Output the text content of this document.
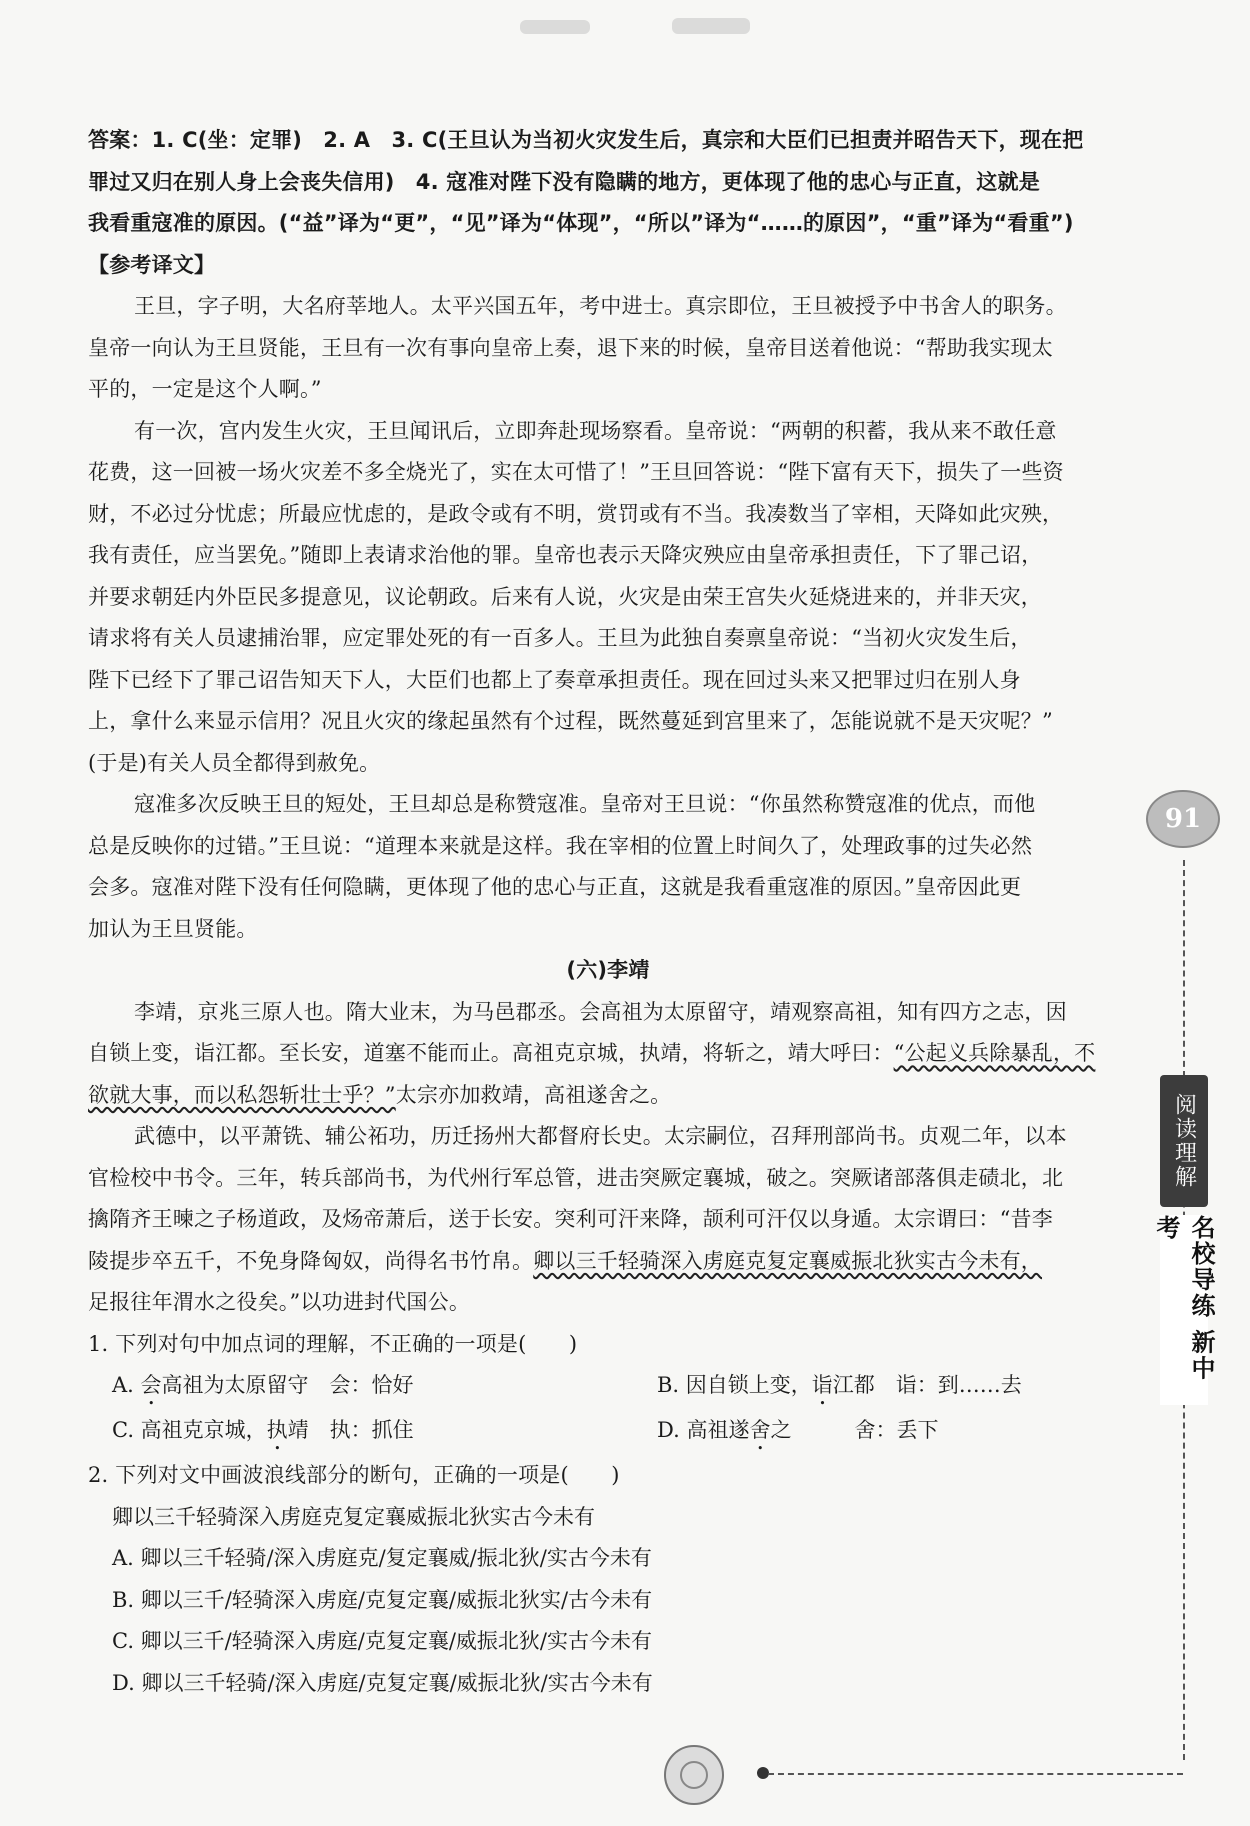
答案：1. C(坐：定罪)　2. A　3. C(王旦认为当初火灾发生后，真宗和大臣们已担责并昭告天下，现在把
罪过又归在别人身上会丧失信用)　4. 寇准对陛下没有隐瞒的地方，更体现了他的忠心与正直，这就是
我看重寇准的原因。(“益”译为“更”，“见”译为“体现”，“所以”译为“……的原因”，“重”译为“看重”)
【参考译文】
王旦，字子明，大名府莘地人。太平兴国五年，考中进士。真宗即位，王旦被授予中书舍人的职务。
皇帝一向认为王旦贤能，王旦有一次有事向皇帝上奏，退下来的时候，皇帝目送着他说：“帮助我实现太
平的，一定是这个人啊。”
有一次，宫内发生火灾，王旦闻讯后，立即奔赴现场察看。皇帝说：“两朝的积蓄，我从来不敢任意
花费，这一回被一场火灾差不多全烧光了，实在太可惜了！”王旦回答说：“陛下富有天下，损失了一些资
财，不必过分忧虑；所最应忧虑的，是政令或有不明，赏罚或有不当。我凑数当了宰相，天降如此灾殃，
我有责任，应当罢免。”随即上表请求治他的罪。皇帝也表示天降灾殃应由皇帝承担责任，下了罪己诏，
并要求朝廷内外臣民多提意见，议论朝政。后来有人说，火灾是由荣王宫失火延烧进来的，并非天灾，
请求将有关人员逮捕治罪，应定罪处死的有一百多人。王旦为此独自奏禀皇帝说：“当初火灾发生后，
陛下已经下了罪己诏告知天下人，大臣们也都上了奏章承担责任。现在回过头来又把罪过归在别人身
上，拿什么来显示信用？况且火灾的缘起虽然有个过程，既然蔓延到宫里来了，怎能说就不是天灾呢？”
(于是)有关人员全都得到赦免。
寇准多次反映王旦的短处，王旦却总是称赞寇准。皇帝对王旦说：“你虽然称赞寇准的优点，而他
总是反映你的过错。”王旦说：“道理本来就是这样。我在宰相的位置上时间久了，处理政事的过失必然
会多。寇准对陛下没有任何隐瞒，更体现了他的忠心与正直，这就是我看重寇准的原因。”皇帝因此更
加认为王旦贤能。
(六)李靖
李靖，京兆三原人也。隋大业末，为马邑郡丞。会高祖为太原留守，靖观察高祖，知有四方之志，因
自锁上变，诣江都。至长安，道塞不能而止。高祖克京城，执靖，将斩之，靖大呼曰：“公起义兵除暴乱，不
欲就大事，而以私怨斩壮士乎？”太宗亦加救靖，高祖遂舍之。
武德中，以平萧铣、辅公祏功，历迁扬州大都督府长史。太宗嗣位，召拜刑部尚书。贞观二年，以本
官检校中书令。三年，转兵部尚书，为代州行军总管，进击突厥定襄城，破之。突厥诸部落俱走碛北，北
擒隋齐王暕之子杨道政，及炀帝萧后，送于长安。突利可汗来降，颉利可汗仅以身遁。太宗谓曰：“昔李
陵提步卒五千，不免身降匈奴，尚得名书竹帛。卿以三千轻骑深入虏庭克复定襄威振北狄实古今未有，
足报往年渭水之役矣。”以功进封代国公。
1. 下列对句中加点词的理解，不正确的一项是(　　)
A. 会高祖为太原留守　会：恰好	B. 因自锁上变，诣江都　诣：到……去
C. 高祖克京城，执靖　执：抓住	D. 高祖遂舍之　　　舍：丢下
2. 下列对文中画波浪线部分的断句，正确的一项是(　　)
卿以三千轻骑深入虏庭克复定襄威振北狄实古今未有
A. 卿以三千轻骑/深入虏庭克/复定襄威/振北狄/实古今未有
B. 卿以三千/轻骑深入虏庭/克复定襄/威振北狄实/古今未有
C. 卿以三千/轻骑深入虏庭/克复定襄/威振北狄/实古今未有
D. 卿以三千轻骑/深入虏庭/克复定襄/威振北狄/实古今未有
91
阅读理解
名校导练 新中考
